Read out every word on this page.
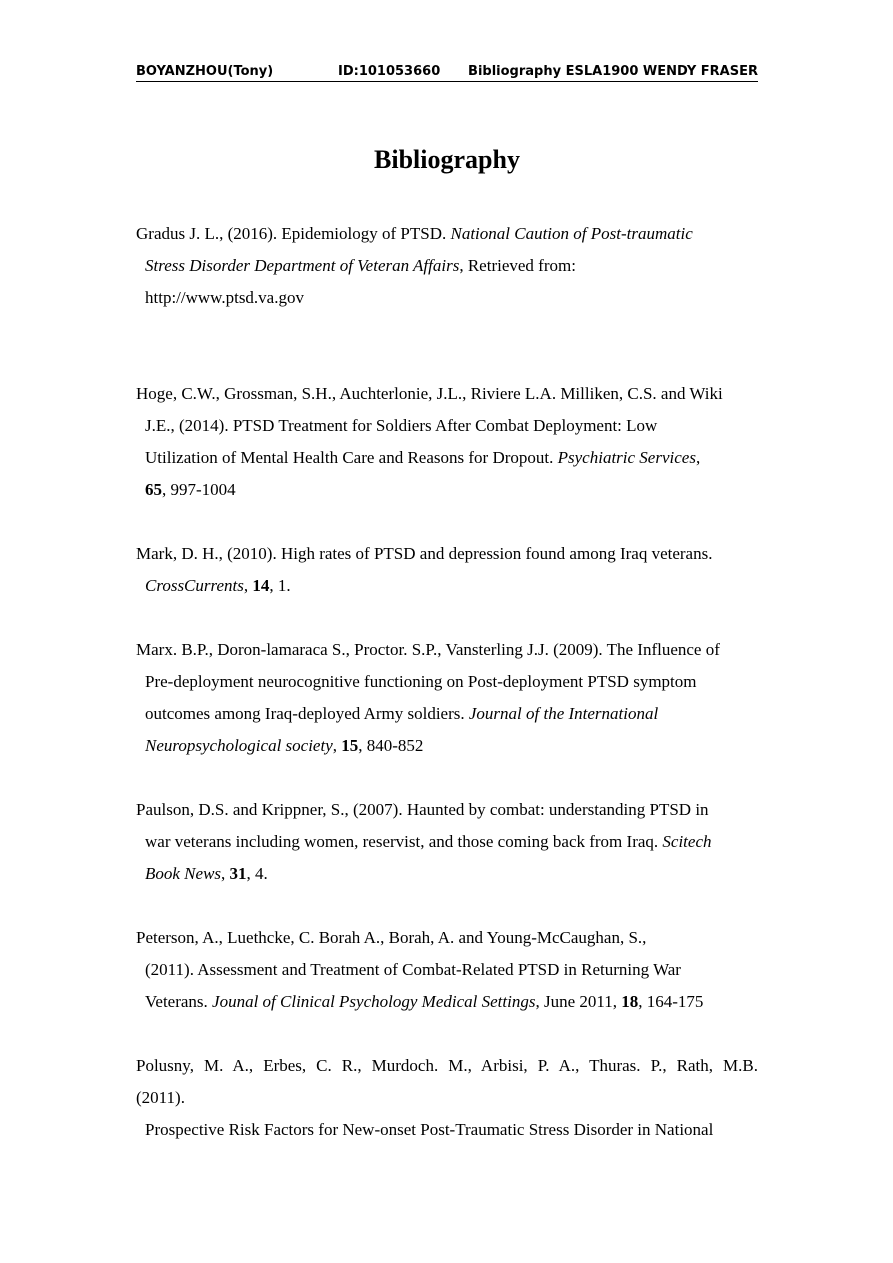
BOYANZHOU(Tony)	ID:101053660 Bibliography ESLA1900 WENDY FRASER
Bibliography
Gradus J. L., (2016). Epidemiology of PTSD. National Caution of Post-traumatic
Stress Disorder Department of Veteran Affairs, Retrieved from:
http://www.ptsd.va.gov
Hoge, C.W., Grossman, S.H., Auchterlonie, J.L., Riviere L.A. Milliken, C.S. and Wiki
J.E., (2014). PTSD Treatment for Soldiers After Combat Deployment: Low
Utilization of Mental Health Care and Reasons for Dropout. Psychiatric Services,
65, 997-1004
Mark, D. H., (2010). High rates of PTSD and depression found among Iraq veterans.
CrossCurrents, 14, 1.
Marx. B.P., Doron-lamaraca S., Proctor. S.P., Vansterling J.J. (2009). The Influence of
Pre-deployment neurocognitive functioning on Post-deployment PTSD symptom
outcomes among Iraq-deployed Army soldiers. Journal of the International
Neuropsychological society, 15, 840-852
Paulson, D.S. and Krippner, S., (2007). Haunted by combat: understanding PTSD in
war veterans including women, reservist, and those coming back from Iraq. Scitech
Book News, 31, 4.
Peterson, A., Luethcke, C. Borah A., Borah, A. and Young-McCaughan, S.,
(2011). Assessment and Treatment of Combat-Related PTSD in Returning War
Veterans. Jounal of Clinical Psychology Medical Settings, June 2011, 18, 164-175
Polusny, M. A., Erbes, C. R., Murdoch. M., Arbisi, P. A., Thuras. P., Rath, M.B.
(2011).
Prospective Risk Factors for New-onset Post-Traumatic Stress Disorder in National
